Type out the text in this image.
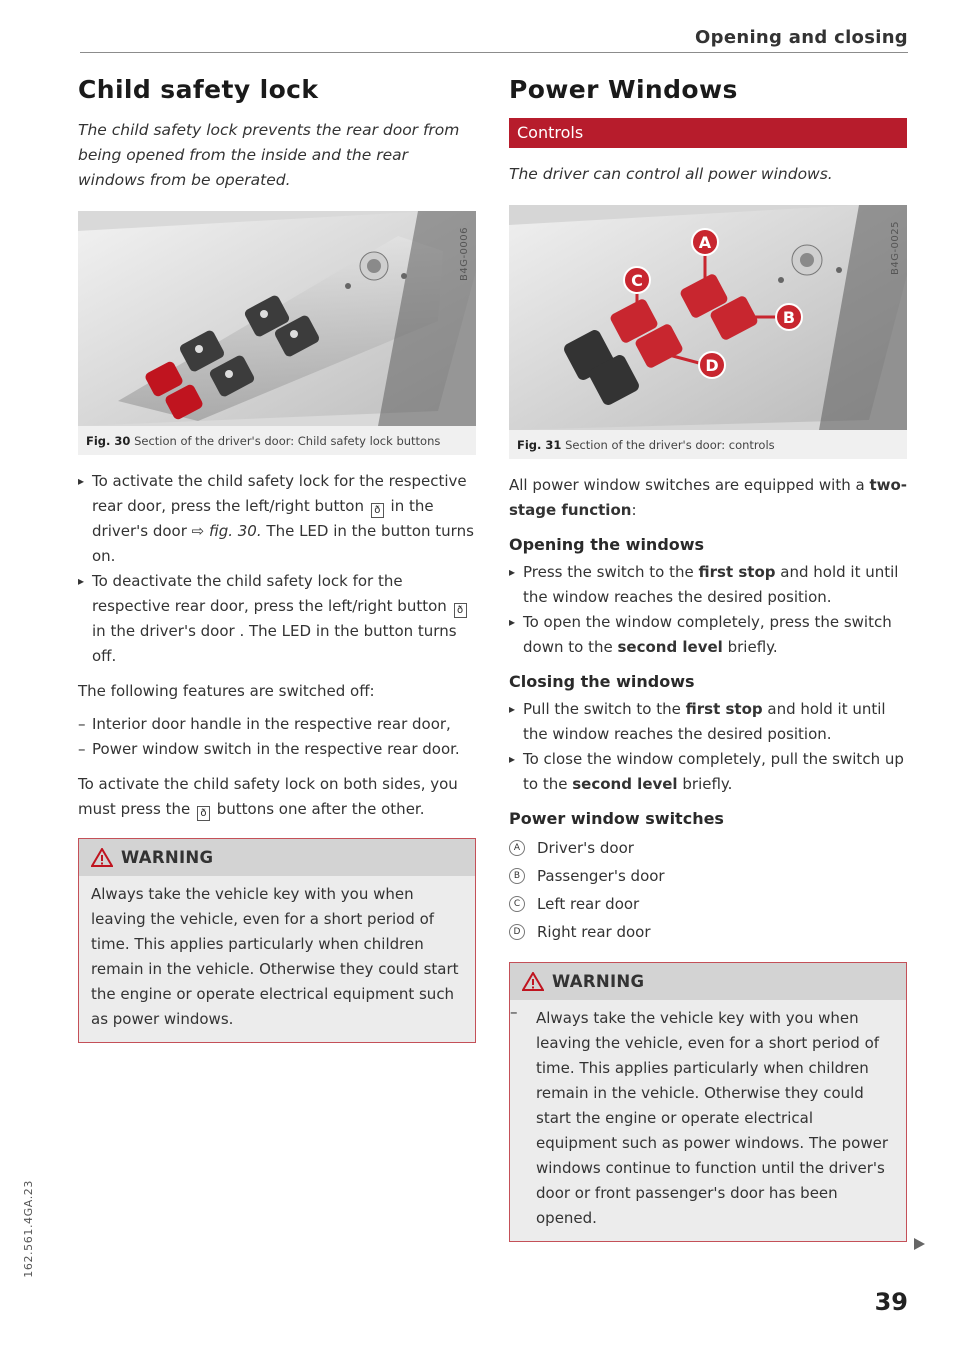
Opening and closing
Child safety lock

The child safety lock prevents the rear door from being opened from the inside and the rear windows from be operated.

B4G-0006
Fig. 30 Section of the driver's door: Child safety lock buttons

▸ To activate the child safety lock for the respective rear door, press the left/right button ð in the driver's door ⇨ fig. 30. The LED in the button turns on.

▸ To deactivate the child safety lock for the respective rear door, press the left/right button ð in the driver's door . The LED in the button turns off.

The following features are switched off:

– Interior door handle in the respective rear door,

– Power window switch in the respective rear door.

To activate the child safety lock on both sides, you must press the ð buttons one after the other.

WARNING

Always take the vehicle key with you when leaving the vehicle, even for a short period of time. This applies particularly when children remain in the vehicle. Otherwise they could start the engine or operate electrical equipment such as power windows.

Power Windows
Controls

The driver can control all power windows.

A
B
C
D
B4G-0025
Fig. 31 Section of the driver's door: controls

All power window switches are equipped with a two-stage function:

Opening the windows

▸ Press the switch to the first stop and hold it until the window reaches the desired position.

▸ To open the window completely, press the switch down to the second level briefly.

Closing the windows

▸ Pull the switch to the first stop and hold it until the window reaches the desired position.

▸ To close the window completely, pull the switch up to the second level briefly.

Power window switches
A	Driver's door
B	Passenger's door
C	Left rear door
D	Right rear door
WARNING

– Always take the vehicle key with you when leaving the vehicle, even for a short period of time. This applies particularly when children remain in the vehicle. Otherwise they could start the engine or operate electrical equipment such as power windows. The power windows continue to function until the driver's door or front passenger's door has been opened.

162.561.4GA.23
39
